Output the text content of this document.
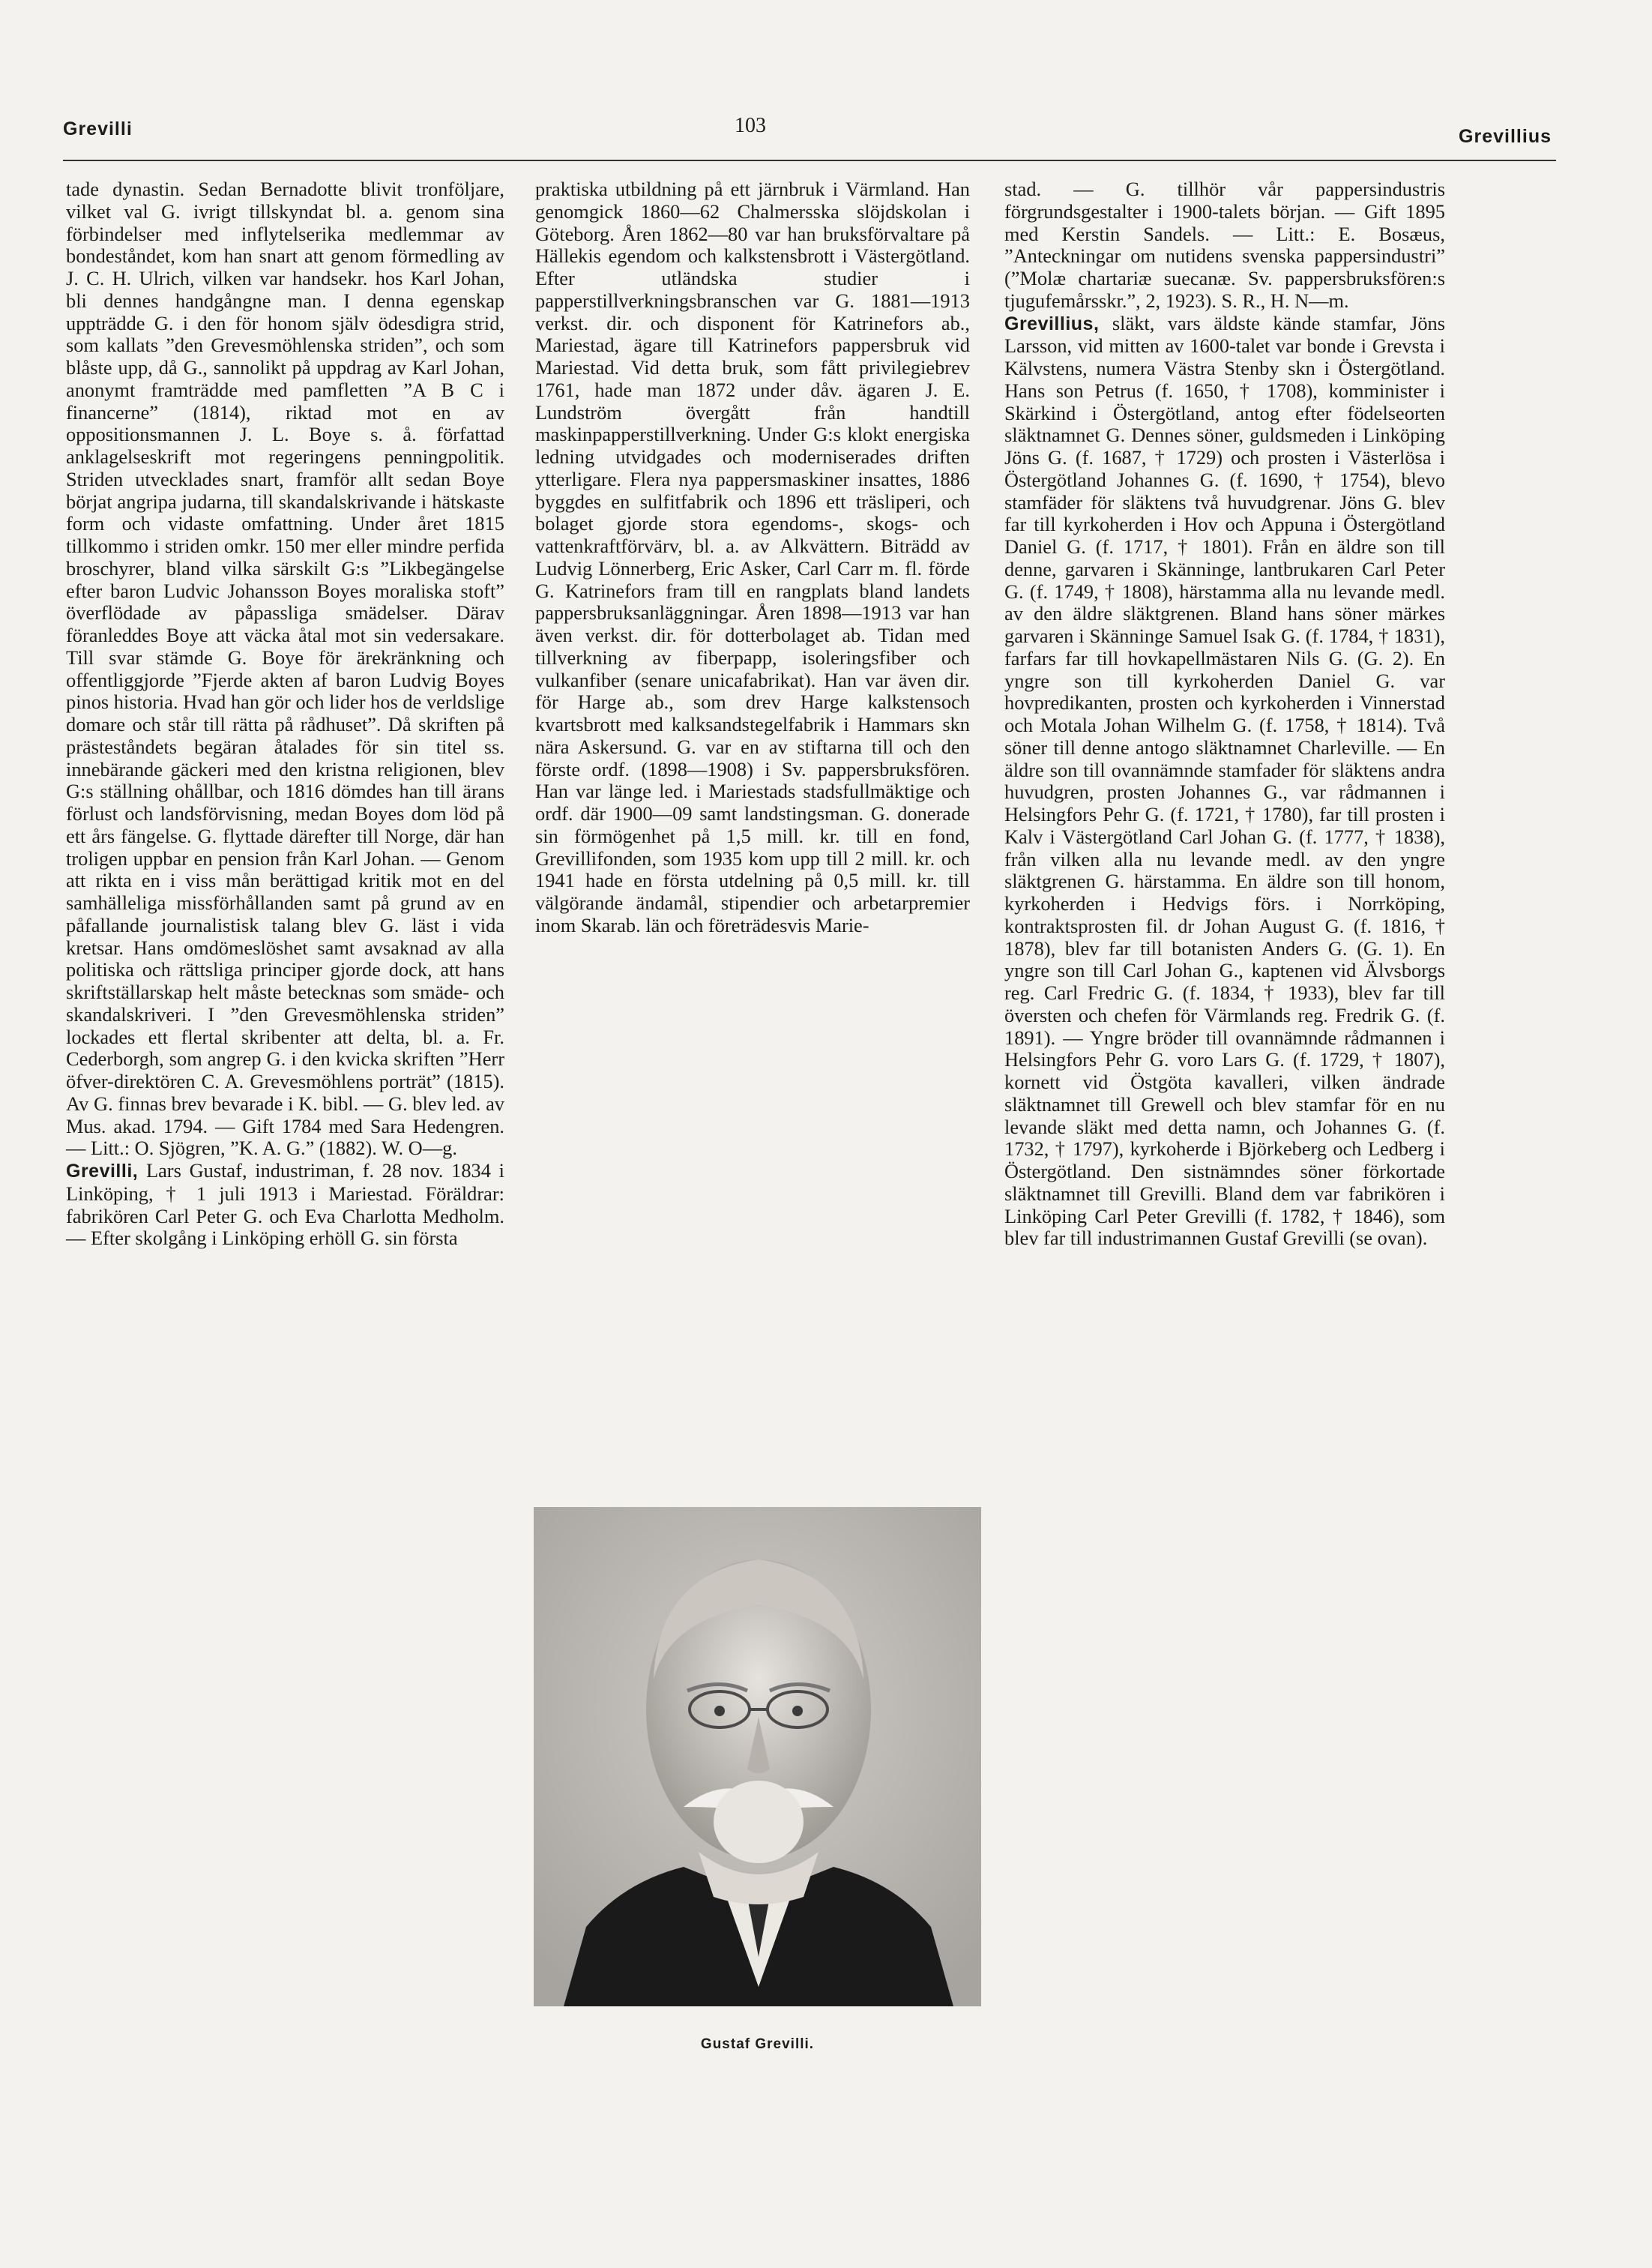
Grevilli	103	Grevillius

tade dynastin. Sedan Bernadotte blivit tronföljare, vilket val G. ivrigt tillskyndat bl. a. genom sina förbindelser med inflytelserika medlemmar av bondeståndet, kom han snart att genom förmedling av J. C. H. Ulrich, vilken var handsekr. hos Karl Johan, bli dennes handgångne man. I denna egenskap uppträdde G. i den för honom själv ödesdigra strid, som kallats ”den Grevesmöhlenska striden”, och som blåste upp, då G., sannolikt på uppdrag av Karl Johan, anonymt framträdde med pamfletten ”A B C i financerne” (1814), riktad mot en av oppositionsmannen J. L. Boye s. å. författad anklagelseskrift mot regeringens penningpolitik. Striden utvecklades snart, framför allt sedan Boye börjat angripa judarna, till skandalskrivande i hätskaste form och vidaste omfattning. Under året 1815 tillkommo i striden omkr. 150 mer eller mindre perfida broschyrer, bland vilka särskilt G:s ”Likbegängelse efter baron Ludvic Johansson Boyes moraliska stoft” överflödade av påpassliga smädelser. Därav föranleddes Boye att väcka åtal mot sin vedersakare. Till svar stämde G. Boye för ärekränkning och offentliggjorde ”Fjerde akten af baron Ludvig Boyes pinos historia. Hvad han gör och lider hos de verldslige domare och står till rätta på rådhuset”. Då skriften på prästeståndets begäran åtalades för sin titel ss. innebärande gäckeri med den kristna religionen, blev G:s ställning ohållbar, och 1816 dömdes han till ärans förlust och landsförvisning, medan Boyes dom löd på ett års fängelse. G. flyttade därefter till Norge, där han troligen uppbar en pension från Karl Johan. — Genom att rikta en i viss mån berättigad kritik mot en del samhälleliga missförhållanden samt på grund av en påfallande journalistisk talang blev G. läst i vida kretsar. Hans omdömeslöshet samt avsaknad av alla politiska och rättsliga principer gjorde dock, att hans skriftställarskap helt måste betecknas som smäde- och skandalskriveri. I ”den Grevesmöhlenska striden” lockades ett flertal skribenter att delta, bl. a. Fr. Cederborgh, som angrep G. i den kvicka skriften ”Herr öfver-direktören C. A. Grevesmöhlens porträt” (1815). Av G. finnas brev bevarade i K. bibl. — G. blev led. av Mus. akad. 1794. — Gift 1784 med Sara Hedengren. — Litt.: O. Sjögren, ”K. A. G.” (1882). W. O—g.

Grevilli, Lars Gustaf, industriman, f. 28 nov. 1834 i Linköping, † 1 juli 1913 i Mariestad. Föräldrar: fabrikören Carl Peter G. och Eva Charlotta Medholm. — Efter skolgång i Linköping erhöll G. sin första

praktiska utbildning på ett järnbruk i Värmland. Han genomgick 1860—62 Chalmersska slöjdskolan i Göteborg. Åren 1862—80 var han bruksförvaltare på Hällekis egendom och kalkstensbrott i Västergötland. Efter utländska studier i papperstillverkningsbranschen var G. 1881—1913 verkst. dir. och disponent för Katrinefors ab., Mariestad, ägare till Katrinefors pappersbruk vid Mariestad. Vid detta bruk, som fått privilegiebrev 1761, hade man 1872 under dåv. ägaren J. E. Lundström övergått från handtill maskinpapperstillverkning. Under G:s klokt energiska ledning utvidgades och moderniserades driften ytterligare. Flera nya pappersmaskiner insattes, 1886 byggdes en sulfitfabrik och 1896 ett träsliperi, och bolaget gjorde stora egendoms-, skogs- och vattenkraftförvärv, bl. a. av Alkvättern. Biträdd av Ludvig Lönnerberg, Eric Asker, Carl Carr m. fl. förde G. Katrinefors fram till en rangplats bland landets pappersbruksanläggningar. Åren 1898—1913 var han även verkst. dir. för dotterbolaget ab. Tidan med tillverkning av fiberpapp, isoleringsfiber och vulkanfiber (senare unicafabrikat). Han var även dir. för Harge ab., som drev Harge kalkstensoch kvartsbrott med kalksandstegelfabrik i Hammars skn nära Askersund. G. var en av stiftarna till och den förste ordf. (1898—1908) i Sv. pappersbruksfören. Han var länge led. i Mariestads stadsfullmäktige och ordf. där 1900—09 samt landstingsman. G. donerade sin förmögenhet på 1,5 mill. kr. till en fond, Grevillifonden, som 1935 kom upp till 2 mill. kr. och 1941 hade en första utdelning på 0,5 mill. kr. till välgörande ändamål, stipendier och arbetarpremier inom Skarab. län och företrädesvis Marie-

Gustaf Grevilli.

stad. — G. tillhör vår pappersindustris förgrundsgestalter i 1900-talets början. — Gift 1895 med Kerstin Sandels. — Litt.: E. Bosæus, ”Anteckningar om nutidens svenska pappersindustri” (”Molæ chartariæ suecanæ. Sv. pappersbruksfören:s tjugufemårsskr.”, 2, 1923). S. R., H. N—m.

Grevillius, släkt, vars äldste kände stamfar, Jöns Larsson, vid mitten av 1600-talet var bonde i Grevsta i Kälvstens, numera Västra Stenby skn i Östergötland. Hans son Petrus (f. 1650, † 1708), komminister i Skärkind i Östergötland, antog efter födelseorten släktnamnet G. Dennes söner, guldsmeden i Linköping Jöns G. (f. 1687, † 1729) och prosten i Västerlösa i Östergötland Johannes G. (f. 1690, † 1754), blevo stamfäder för släktens två huvudgrenar. Jöns G. blev far till kyrkoherden i Hov och Appuna i Östergötland Daniel G. (f. 1717, † 1801). Från en äldre son till denne, garvaren i Skänninge, lantbrukaren Carl Peter G. (f. 1749, † 1808), härstamma alla nu levande medl. av den äldre släktgrenen. Bland hans söner märkes garvaren i Skänninge Samuel Isak G. (f. 1784, † 1831), farfars far till hovkapellmästaren Nils G. (G. 2). En yngre son till kyrkoherden Daniel G. var hovpredikanten, prosten och kyrkoherden i Vinnerstad och Motala Johan Wilhelm G. (f. 1758, † 1814). Två söner till denne antogo släktnamnet Charleville. — En äldre son till ovannämnde stamfader för släktens andra huvudgren, prosten Johannes G., var rådmannen i Helsingfors Pehr G. (f. 1721, † 1780), far till prosten i Kalv i Västergötland Carl Johan G. (f. 1777, † 1838), från vilken alla nu levande medl. av den yngre släktgrenen G. härstamma. En äldre son till honom, kyrkoherden i Hedvigs förs. i Norrköping, kontraktsprosten fil. dr Johan August G. (f. 1816, † 1878), blev far till botanisten Anders G. (G. 1). En yngre son till Carl Johan G., kaptenen vid Älvsborgs reg. Carl Fredric G. (f. 1834, † 1933), blev far till översten och chefen för Värmlands reg. Fredrik G. (f. 1891). — Yngre bröder till ovannämnde rådmannen i Helsingfors Pehr G. voro Lars G. (f. 1729, † 1807), kornett vid Östgöta kavalleri, vilken ändrade släktnamnet till Grewell och blev stamfar för en nu levande släkt med detta namn, och Johannes G. (f. 1732, † 1797), kyrkoherde i Björkeberg och Ledberg i Östergötland. Den sistnämndes söner förkortade släktnamnet till Grevilli. Bland dem var fabrikören i Linköping Carl Peter Grevilli (f. 1782, † 1846), som blev far till industrimannen Gustaf Grevilli (se ovan).
